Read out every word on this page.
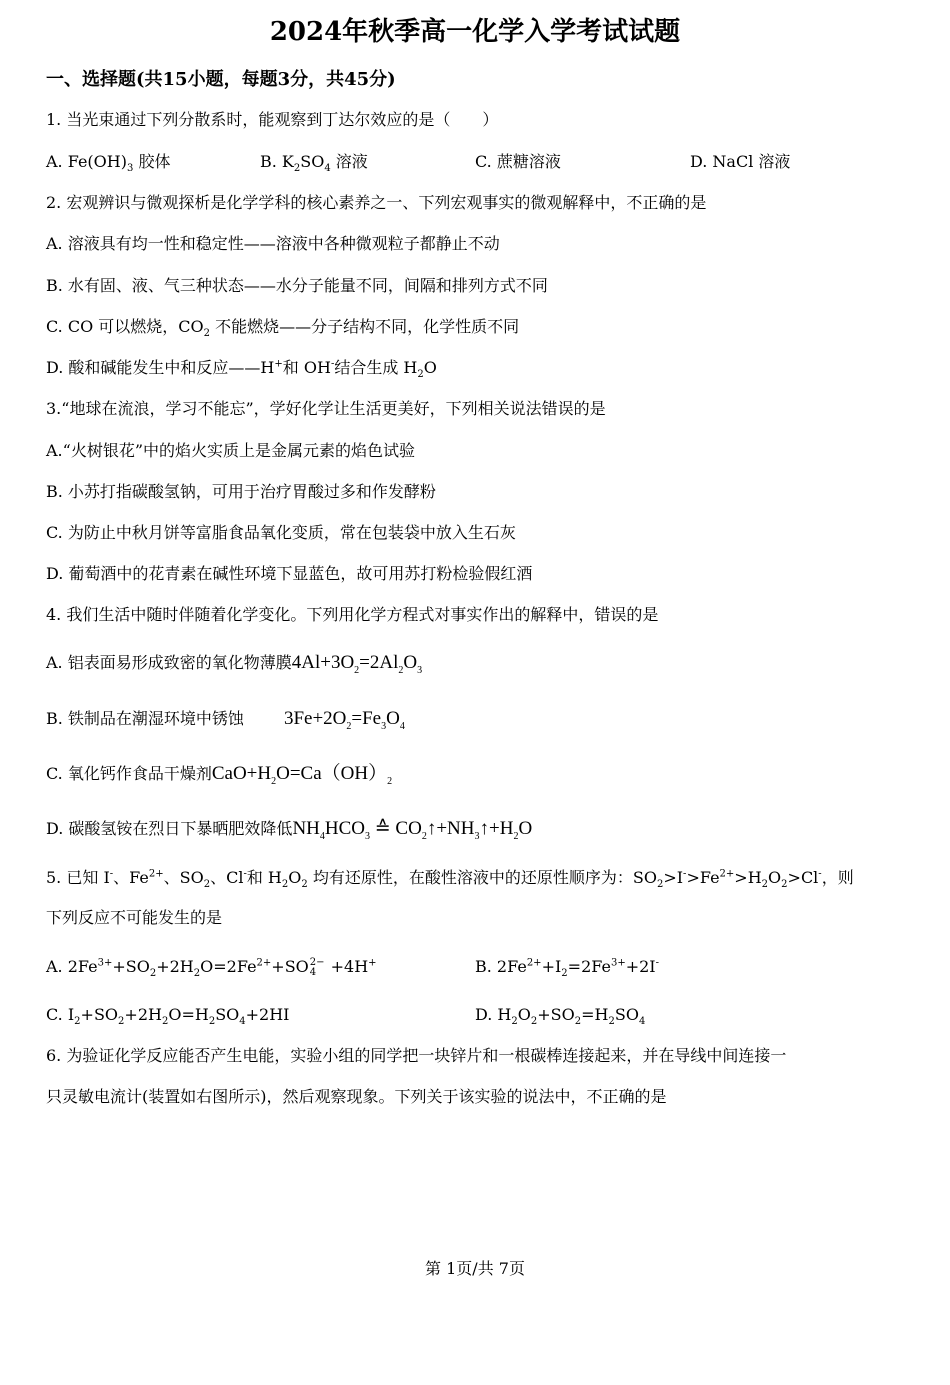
2024年秋季高一化学入学考试试题
一、选择题(共15小题，每题3分，共45分)
1. 当光束通过下列分散系时，能观察到丁达尔效应的是（　　）
A. $Fe(OH)_3$ 胶体	B. $K_2SO_4$ 溶液	C. 蔗糖溶液	D. NaCl 溶液
2. 宏观辨识与微观探析是化学学科的核心素养之一、下列宏观事实的微观解释中，不正确的是
A. 溶液具有均一性和稳定性——溶液中各种微观粒子都静止不动
B. 水有固、液、气三种状态——水分子能量不同，间隔和排列方式不同
C. CO 可以燃烧，$CO_2$ 不能燃烧——分子结构不同，化学性质不同
D. 酸和碱能发生中和反应——H+和 OH-结合生成 $H_2O$
3.“地球在流浪，学习不能忘”，学好化学让生活更美好，下列相关说法错误的是
A.“火树银花”中的焰火实质上是金属元素的焰色试验
B. 小苏打指碳酸氢钠，可用于治疗胃酸过多和作发酵粉
C. 为防止中秋月饼等富脂食品氧化变质，常在包装袋中放入生石灰
D. 葡萄酒中的花青素在碱性环境下显蓝色，故可用苏打粉检验假红酒
4. 我们生活中随时伴随着化学变化。下列用化学方程式对事实作出的解释中，错误的是
A. 铝表面易形成致密的氧化物薄膜$4Al+3O_2=2Al_2O_3$
B. 铁制品在潮湿环境中锈蚀 $3Fe+2O_2=Fe_3O_4$
C. 氧化钙作食品干燥剂$CaO+H_2O=Ca(OH)_2$
D. 碳酸氢铵在烈日下暴晒肥效降低$NH_4HCO_3$ ≙ $CO_2↑+NH_3↑+H_2O$
5. 已知 I-、$Fe^{2+}$、$SO_2$、Cl-和 $H_2O_2$ 均有还原性，在酸性溶液中的还原性顺序为：$SO_2>I^->Fe^{2+}>H_2O_2>Cl^-$，则
下列反应不可能发生的是
A. $2Fe^{3+}+SO_2+2H_2O=2Fe^{2+}+SO2-$
4 +4H+	B. $2Fe^{2+}+I_2=2Fe^{3+}+2I^-$
C. $I_2+SO_2+2H_2O=H_2SO_4+2HI$	D. $H_2O_2+SO_2=H_2SO_4$
6. 为验证化学反应能否产生电能，实验小组的同学把一块锌片和一根碳棒连接起来，并在导线中间连接一
只灵敏电流计(装置如右图所示)，然后观察现象。下列关于该实验的说法中，不正确的是
第 1页/共 7页
